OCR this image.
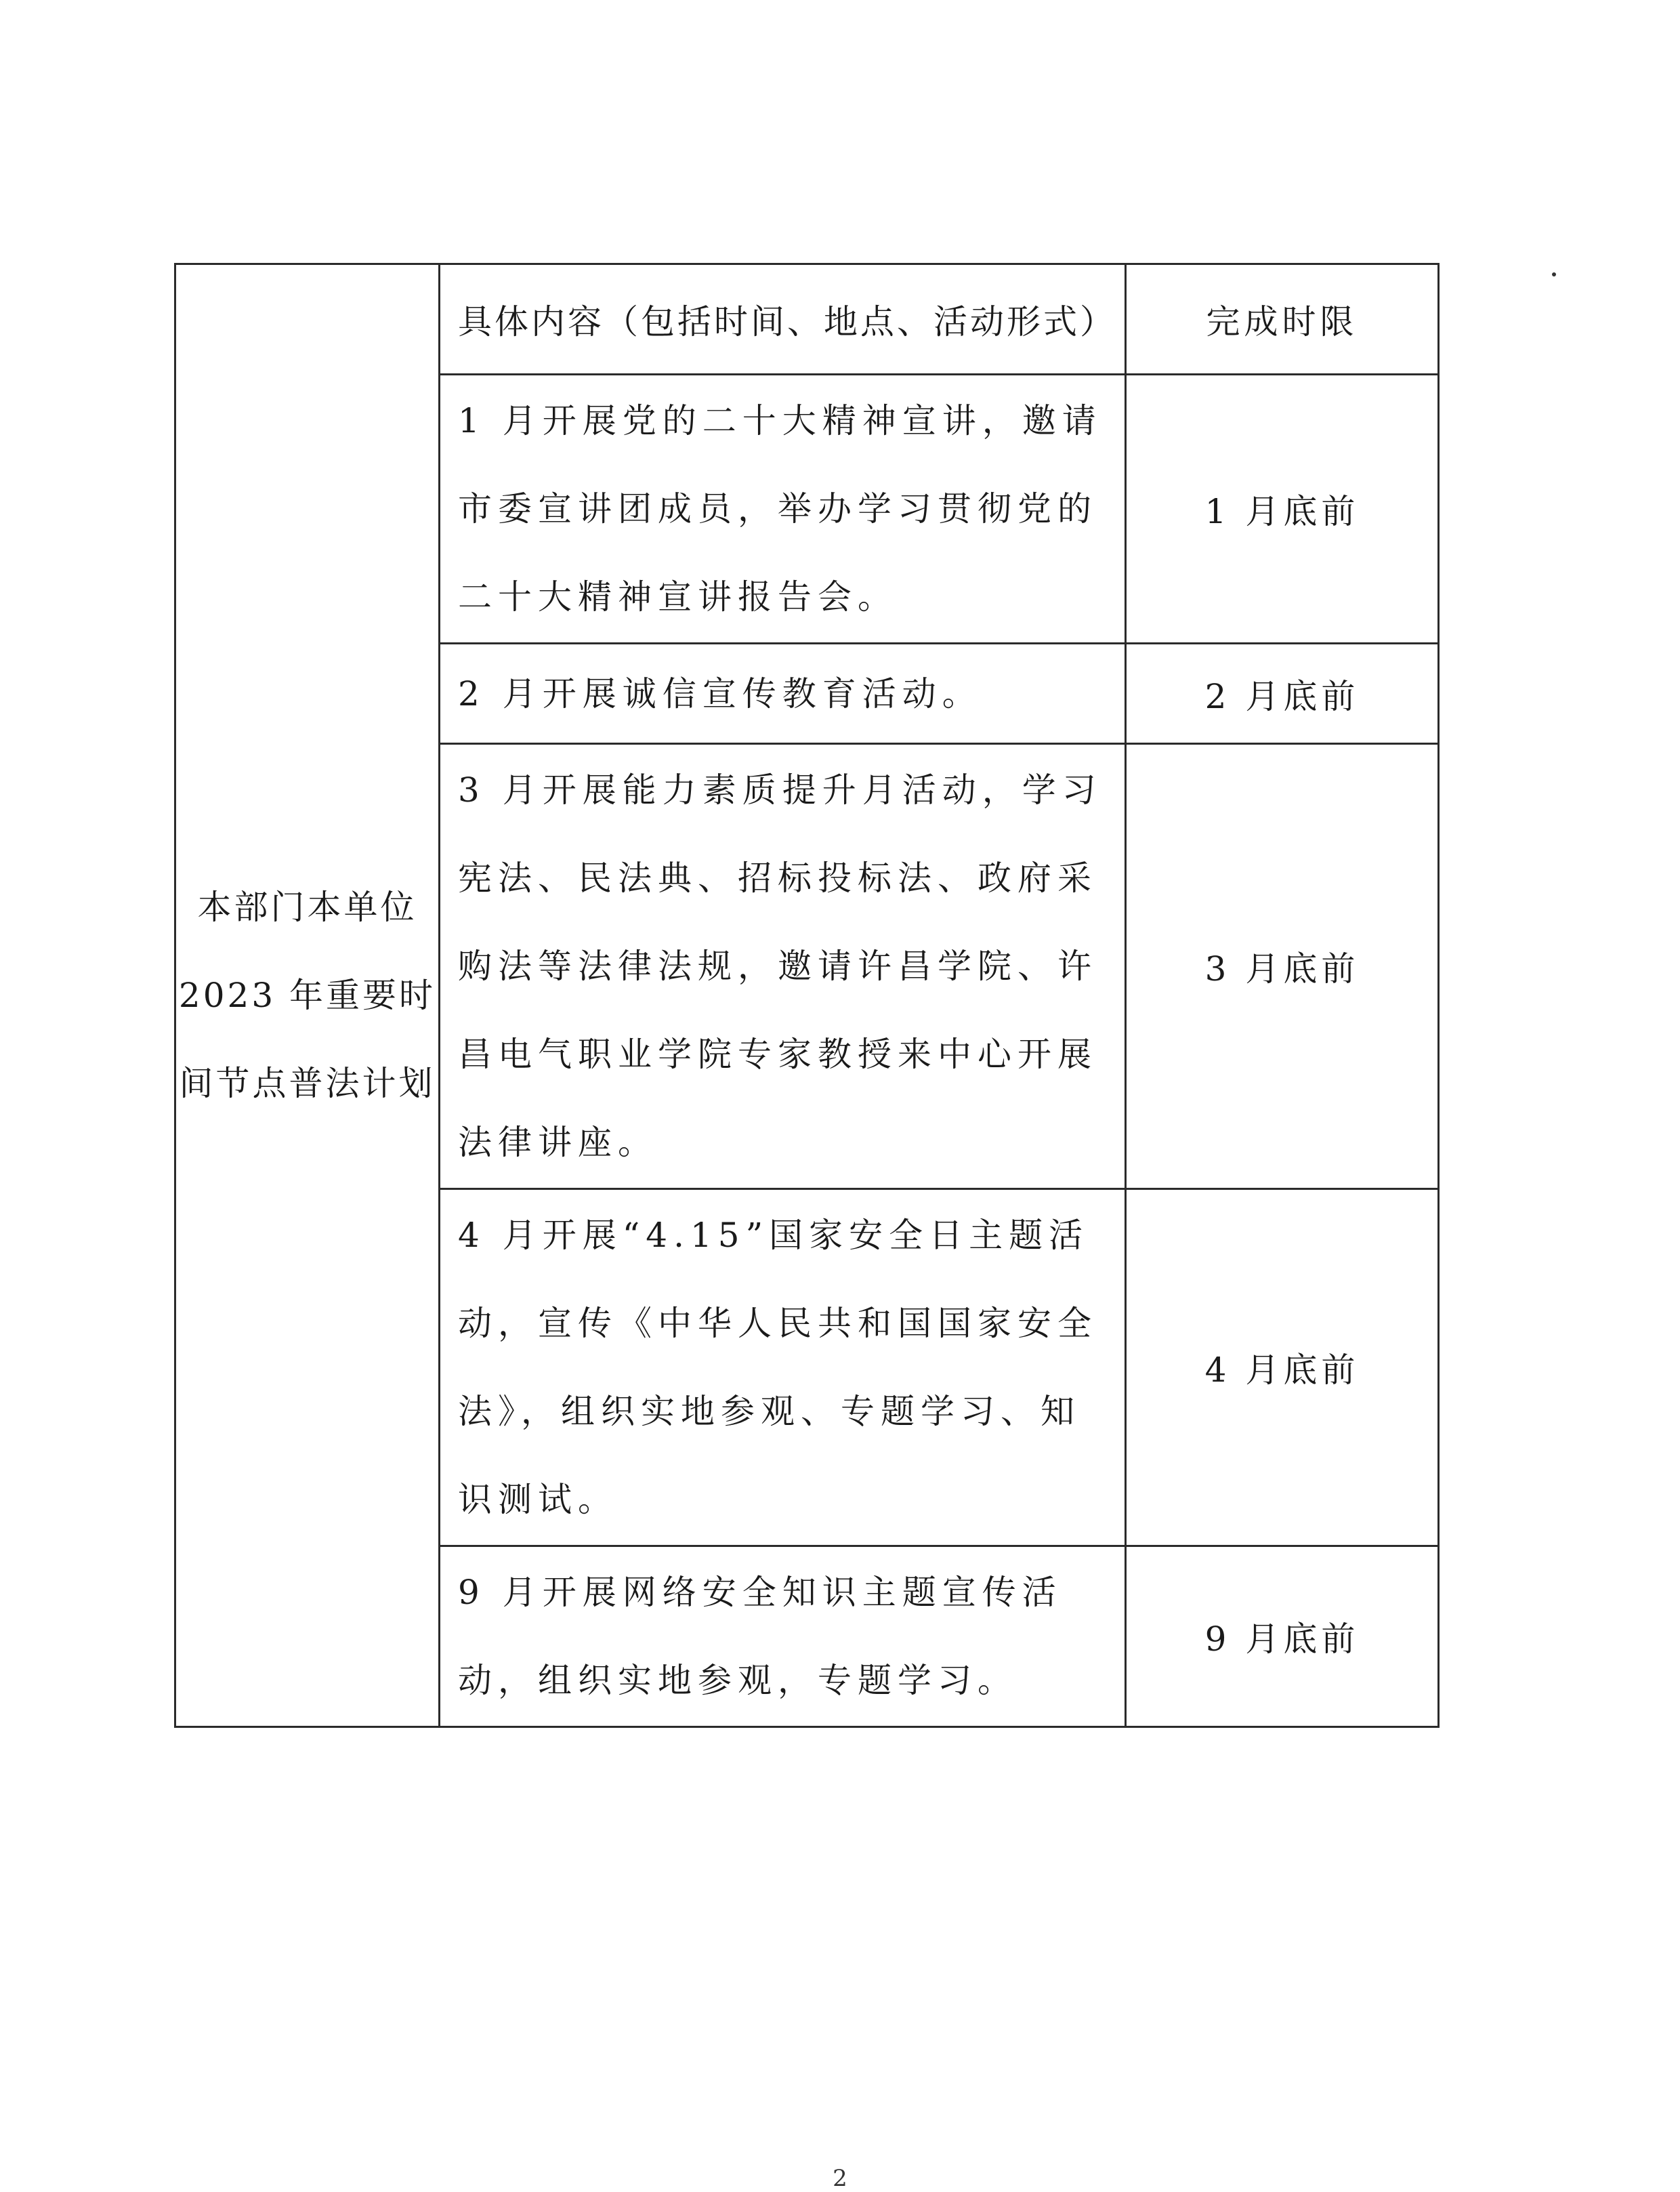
本部门本单位
2023 年重要时
间节点普法计划	具体内容（包括时间、地点、活动形式）	完成时限
	1 月开展党的二十大精神宣讲，邀请市委宣讲团成员，举办学习贯彻党的二十大精神宣讲报告会。	1 月底前
	2 月开展诚信宣传教育活动。	2 月底前
	3 月开展能力素质提升月活动，学习宪法、民法典、招标投标法、政府采购法等法律法规，邀请许昌学院、许昌电气职业学院专家教授来中心开展法律讲座。	3 月底前
	4 月开展“4.15”国家安全日主题活动，宣传《中华人民共和国国家安全法》，组织实地参观、专题学习、知识测试。	4 月底前
	9 月开展网络安全知识主题宣传活动，组织实地参观，专题学习。	9 月底前
2
